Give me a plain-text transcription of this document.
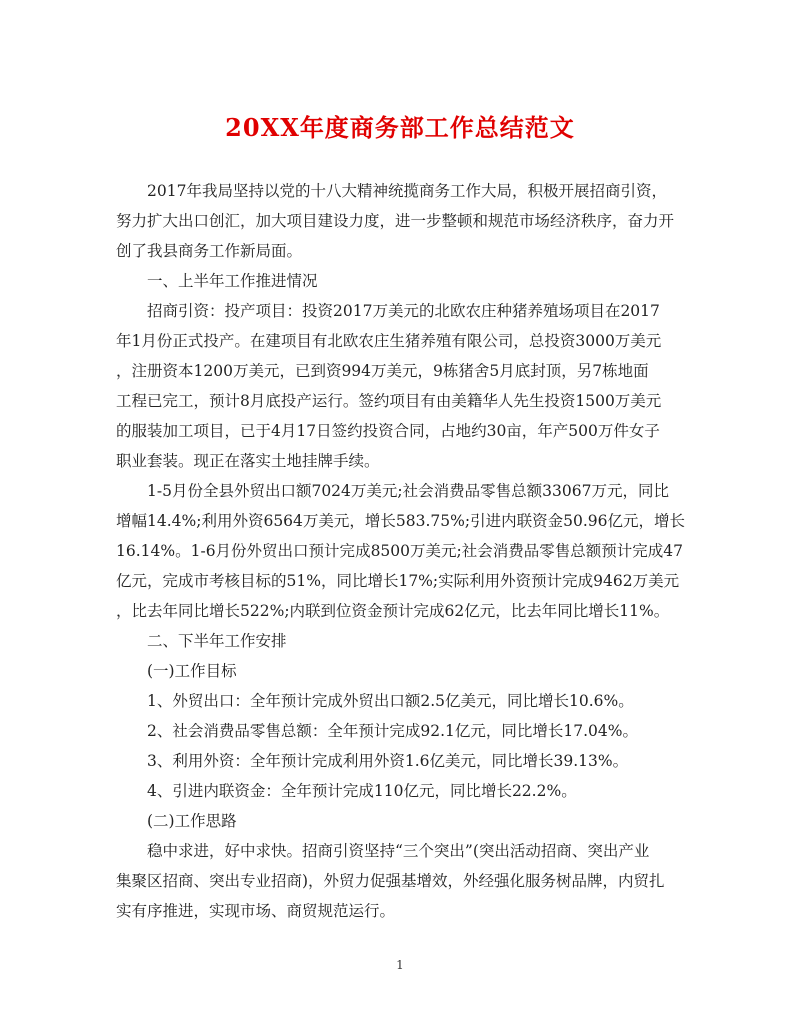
20XX年度商务部工作总结范文

2017年我局坚持以党的十八大精神统揽商务工作大局，积极开展招商引资，
努力扩大出口创汇，加大项目建设力度，进一步整顿和规范市场经济秩序，奋力开
创了我县商务工作新局面。

一、上半年工作推进情况

招商引资：投产项目：投资2017万美元的北欧农庄种猪养殖场项目在2017
年1月份正式投产。在建项目有北欧农庄生猪养殖有限公司，总投资3000万美元
，注册资本1200万美元，已到资994万美元，9栋猪舍5月底封顶，另7栋地面
工程已完工，预计8月底投产运行。签约项目有由美籍华人先生投资1500万美元
的服装加工项目，已于4月17日签约投资合同，占地约30亩，年产500万件女子
职业套装。现正在落实土地挂牌手续。

1-5月份全县外贸出口额7024万美元;社会消费品零售总额33067万元，同比
增幅14.4%;利用外资6564万美元，增长583.75%;引进内联资金50.96亿元，增长
16.14%。1-6月份外贸出口预计完成8500万美元;社会消费品零售总额预计完成47
亿元，完成市考核目标的51%，同比增长17%;实际利用外资预计完成9462万美元
，比去年同比增长522%;内联到位资金预计完成62亿元，比去年同比增长11%。

二、下半年工作安排

(一)工作目标

1、外贸出口：全年预计完成外贸出口额2.5亿美元，同比增长10.6%。

2、社会消费品零售总额：全年预计完成92.1亿元，同比增长17.04%。

3、利用外资：全年预计完成利用外资1.6亿美元，同比增长39.13%。

4、引进内联资金：全年预计完成110亿元，同比增长22.2%。

(二)工作思路

稳中求进，好中求快。招商引资坚持“三个突出”(突出活动招商、突出产业
集聚区招商、突出专业招商)，外贸力促强基增效，外经强化服务树品牌，内贸扎
实有序推进，实现市场、商贸规范运行。

1
